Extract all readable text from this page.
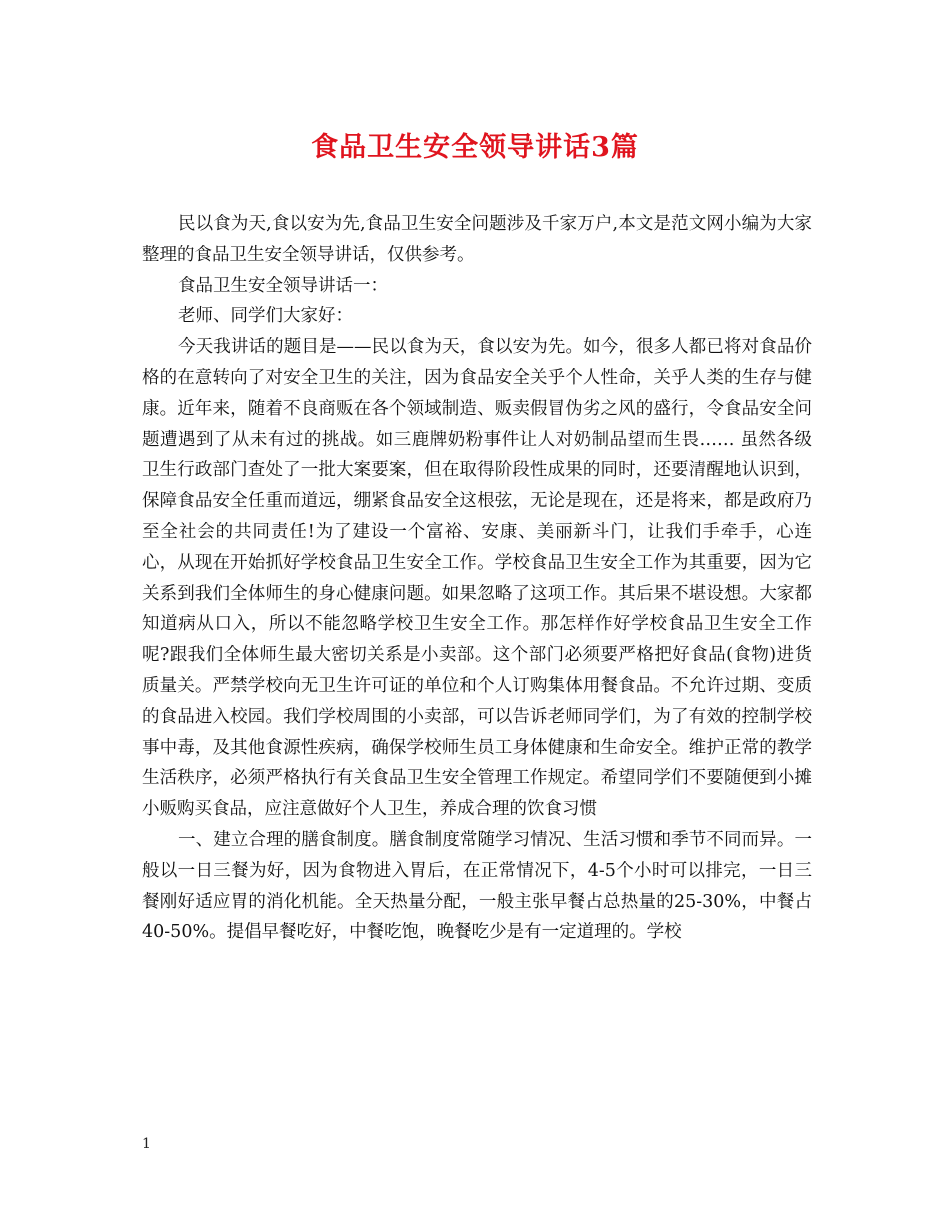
食品卫生安全领导讲话3篇

民以食为天,食以安为先,食品卫生安全问题涉及千家万户,本文是范文网小编为大家整理的食品卫生安全领导讲话，仅供参考。

食品卫生安全领导讲话一：

老师、同学们大家好：

今天我讲话的题目是——民以食为天，食以安为先。如今，很多人都已将对食品价格的在意转向了对安全卫生的关注，因为食品安全关乎个人性命，关乎人类的生存与健康。近年来，随着不良商贩在各个领域制造、贩卖假冒伪劣之风的盛行，令食品安全问题遭遇到了从未有过的挑战。如三鹿牌奶粉事件让人对奶制品望而生畏…… 虽然各级卫生行政部门查处了一批大案要案，但在取得阶段性成果的同时，还要清醒地认识到，保障食品安全任重而道远，绷紧食品安全这根弦，无论是现在，还是将来，都是政府乃至全社会的共同责任!为了建设一个富裕、安康、美丽新斗门，让我们手牵手，心连心，从现在开始抓好学校食品卫生安全工作。学校食品卫生安全工作为其重要，因为它关系到我们全体师生的身心健康问题。如果忽略了这项工作。其后果不堪设想。大家都知道病从口入，所以不能忽略学校卫生安全工作。那怎样作好学校食品卫生安全工作呢?跟我们全体师生最大密切关系是小卖部。这个部门必须要严格把好食品(食物)进货质量关。严禁学校向无卫生许可证的单位和个人订购集体用餐食品。不允许过期、变质的食品进入校园。我们学校周围的小卖部，可以告诉老师同学们，为了有效的控制学校事中毒，及其他食源性疾病，确保学校师生员工身体健康和生命安全。维护正常的教学生活秩序，必须严格执行有关食品卫生安全管理工作规定。希望同学们不要随便到小摊小贩购买食品，应注意做好个人卫生，养成合理的饮食习惯

一、建立合理的膳食制度。膳食制度常随学习情况、生活习惯和季节不同而异。一般以一日三餐为好，因为食物进入胃后，在正常情况下，4-5个小时可以排完，一日三餐刚好适应胃的消化机能。全天热量分配，一般主张早餐占总热量的25-30%，中餐占40-50%。提倡早餐吃好，中餐吃饱，晚餐吃少是有一定道理的。学校

1
